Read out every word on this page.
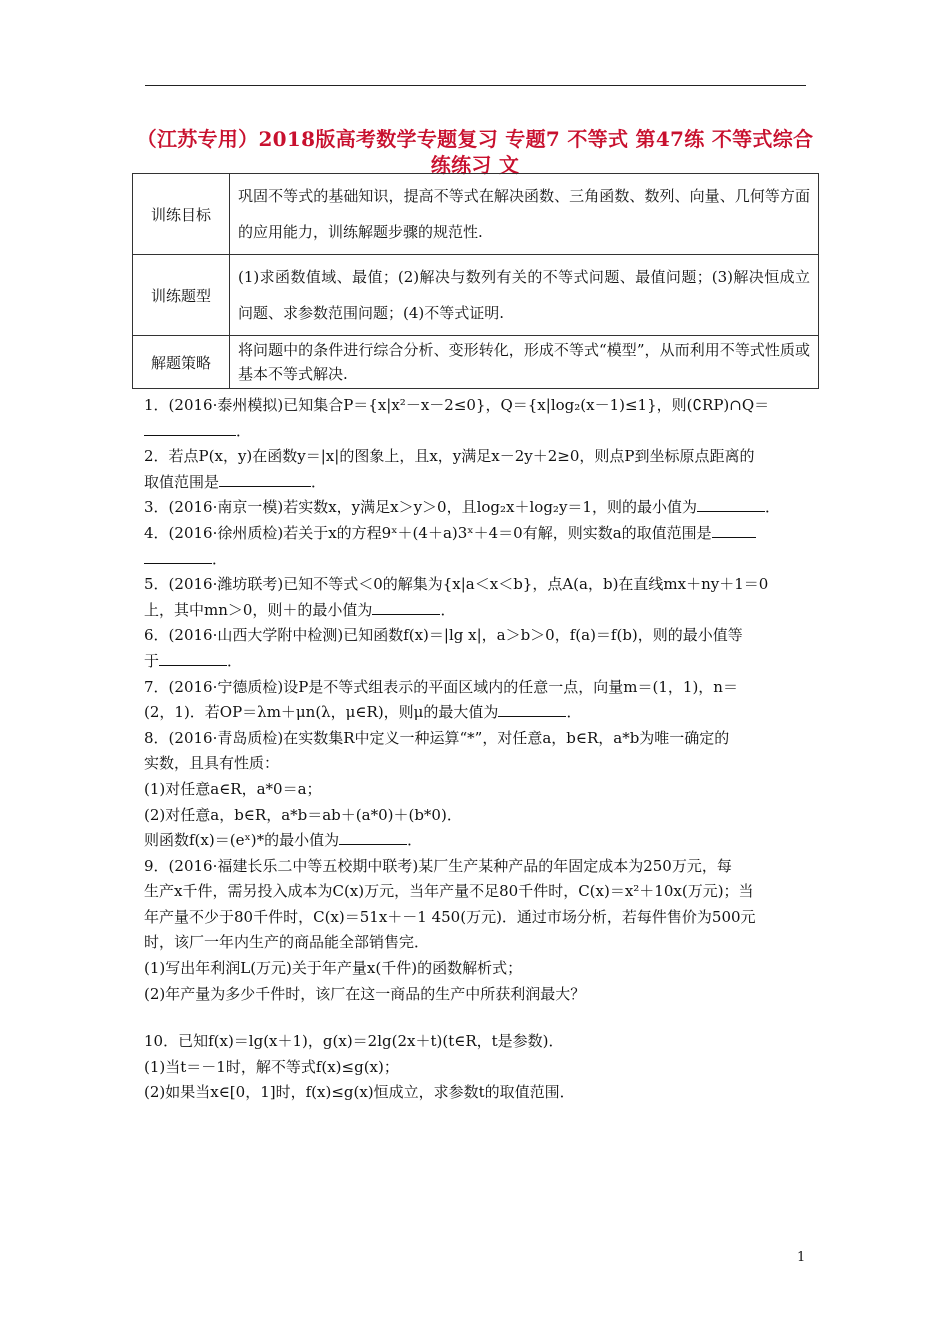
（江苏专用）2018版高考数学专题复习 专题7 不等式 第47练 不等式综合练练习 文
训练目标	巩固不等式的基础知识，提高不等式在解决函数、三角函数、数列、向量、几何等方面的应用能力，训练解题步骤的规范性.
训练题型	(1)求函数值域、最值；(2)解决与数列有关的不等式问题、最值问题；(3)解决恒成立问题、求参数范围问题；(4)不等式证明.
解题策略	将问题中的条件进行综合分析、变形转化，形成不等式“模型”，从而利用不等式性质或基本不等式解决.

1．(2016·泰州模拟)已知集合P＝{x|x²－x－2≤0}，Q＝{x|log₂(x－1)≤1}，则(∁RP)∩Q＝

．

2．若点P(x，y)在函数y＝|x|的图象上，且x，y满足x－2y＋2≥0，则点P到坐标原点距离的

取值范围是	．

3．(2016·南京一模)若实数x，y满足x＞y＞0，且log₂x＋log₂y＝1，则的最小值为	．

4．(2016·徐州质检)若关于x的方程9ˣ＋(4＋a)3ˣ＋4＝0有解，则实数a的取值范围是

．

5．(2016·潍坊联考)已知不等式＜0的解集为{x|a＜x＜b}，点A(a，b)在直线mx＋ny＋1＝0

上，其中mn＞0，则＋的最小值为	．

6．(2016·山西大学附中检测)已知函数f(x)＝|lg x|，a＞b＞0，f(a)＝f(b)，则的最小值等

于	．

7．(2016·宁德质检)设P是不等式组表示的平面区域内的任意一点，向量m＝(1，1)，n＝

(2，1)．若OP＝λm＋μn(λ，μ∈R)，则μ的最大值为	．

8．(2016·青岛质检)在实数集R中定义一种运算“*”，对任意a，b∈R，a*b为唯一确定的

实数，且具有性质：

(1)对任意a∈R，a*0＝a；

(2)对任意a，b∈R，a*b＝ab＋(a*0)＋(b*0)．

则函数f(x)＝(eˣ)*的最小值为	．

9．(2016·福建长乐二中等五校期中联考)某厂生产某种产品的年固定成本为250万元，每

生产x千件，需另投入成本为C(x)万元，当年产量不足80千件时，C(x)＝x²＋10x(万元)；当

年产量不少于80千件时，C(x)＝51x＋－1 450(万元)．通过市场分析，若每件售价为500元

时，该厂一年内生产的商品能全部销售完．

(1)写出年利润L(万元)关于年产量x(千件)的函数解析式；

(2)年产量为多少千件时，该厂在这一商品的生产中所获利润最大？

10．已知f(x)＝lg(x＋1)，g(x)＝2lg(2x＋t)(t∈R，t是参数)．

(1)当t＝－1时，解不等式f(x)≤g(x)；

(2)如果当x∈[0，1]时，f(x)≤g(x)恒成立，求参数t的取值范围．

1
